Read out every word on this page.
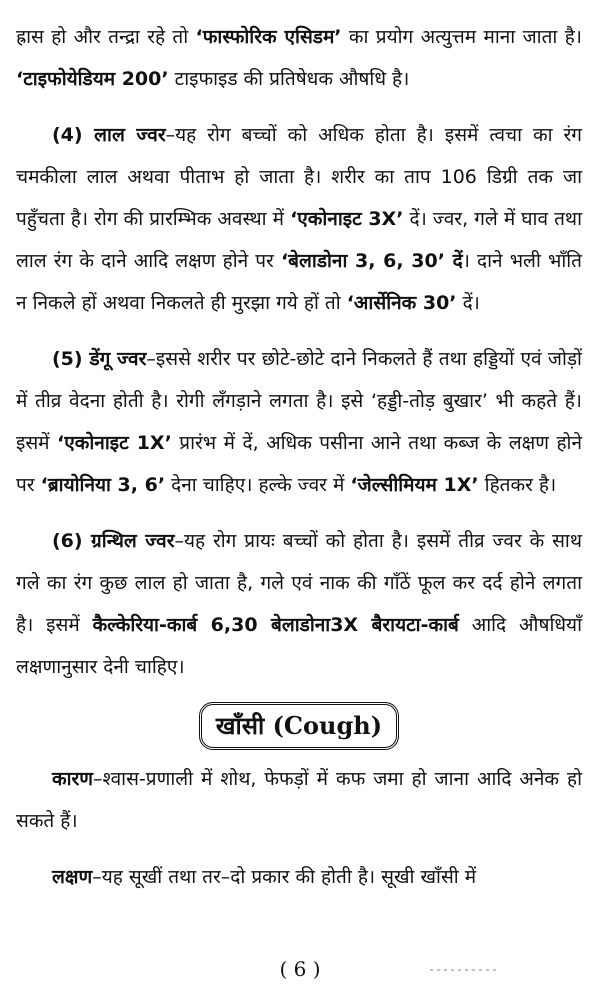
ह्रास हो और तन्द्रा रहे तो ‘फास्फोरिक एसिडम’ का प्रयोग अत्युत्तम माना जाता है। ‘टाइफोयेडियम 200’ टाइफाइड की प्रतिषेधक औषधि है।

(4) लाल ज्वर–यह रोग बच्चों को अधिक होता है। इसमें त्वचा का रंग चमकीला लाल अथवा पीताभ हो जाता है। शरीर का ताप 106 डिग्री तक जा पहुँचता है। रोग की प्रारम्भिक अवस्था में ‘एकोनाइट 3X’ दें। ज्वर, गले में घाव तथा लाल रंग के दाने आदि लक्षण होने पर ‘बेलाडोना 3, 6, 30’ दें। दाने भली भाँति न निकले हों अथवा निकलते ही मुरझा गये हों तो ‘आर्सेनिक 30’ दें।

(5) डेंगू ज्वर–इससे शरीर पर छोटे-छोटे दाने निकलते हैं तथा हड्डियों एवं जोड़ों में तीव्र वेदना होती है। रोगी लँगड़ाने लगता है। इसे ‘हड्डी-तोड़ बुखार’ भी कहते हैं। इसमें ‘एकोनाइट 1X’ प्रारंभ में दें, अधिक पसीना आने तथा कब्ज के लक्षण होने पर ‘ब्रायोनिया 3, 6’ देना चाहिए। हल्के ज्वर में ‘जेल्सीमियम 1X’ हितकर है।

(6) ग्रन्थिल ज्वर–यह रोग प्रायः बच्चों को होता है। इसमें तीव्र ज्वर के साथ गले का रंग कुछ लाल हो जाता है, गले एवं नाक की गाँठें फूल कर दर्द होने लगता है। इसमें कैल्केरिया-कार्ब 6,30 बेलाडोना3X बैरायटा-कार्ब आदि औषधियाँ लक्षणानुसार देनी चाहिए।

खाँसी (Cough)

कारण–श्वास-प्रणाली में शोथ, फेफड़ों में कफ जमा हो जाना आदि अनेक हो सकते हैं।

लक्षण–यह सूखीं तथा तर–दो प्रकार की होती है। सूखी खाँसी में

( 6 )
